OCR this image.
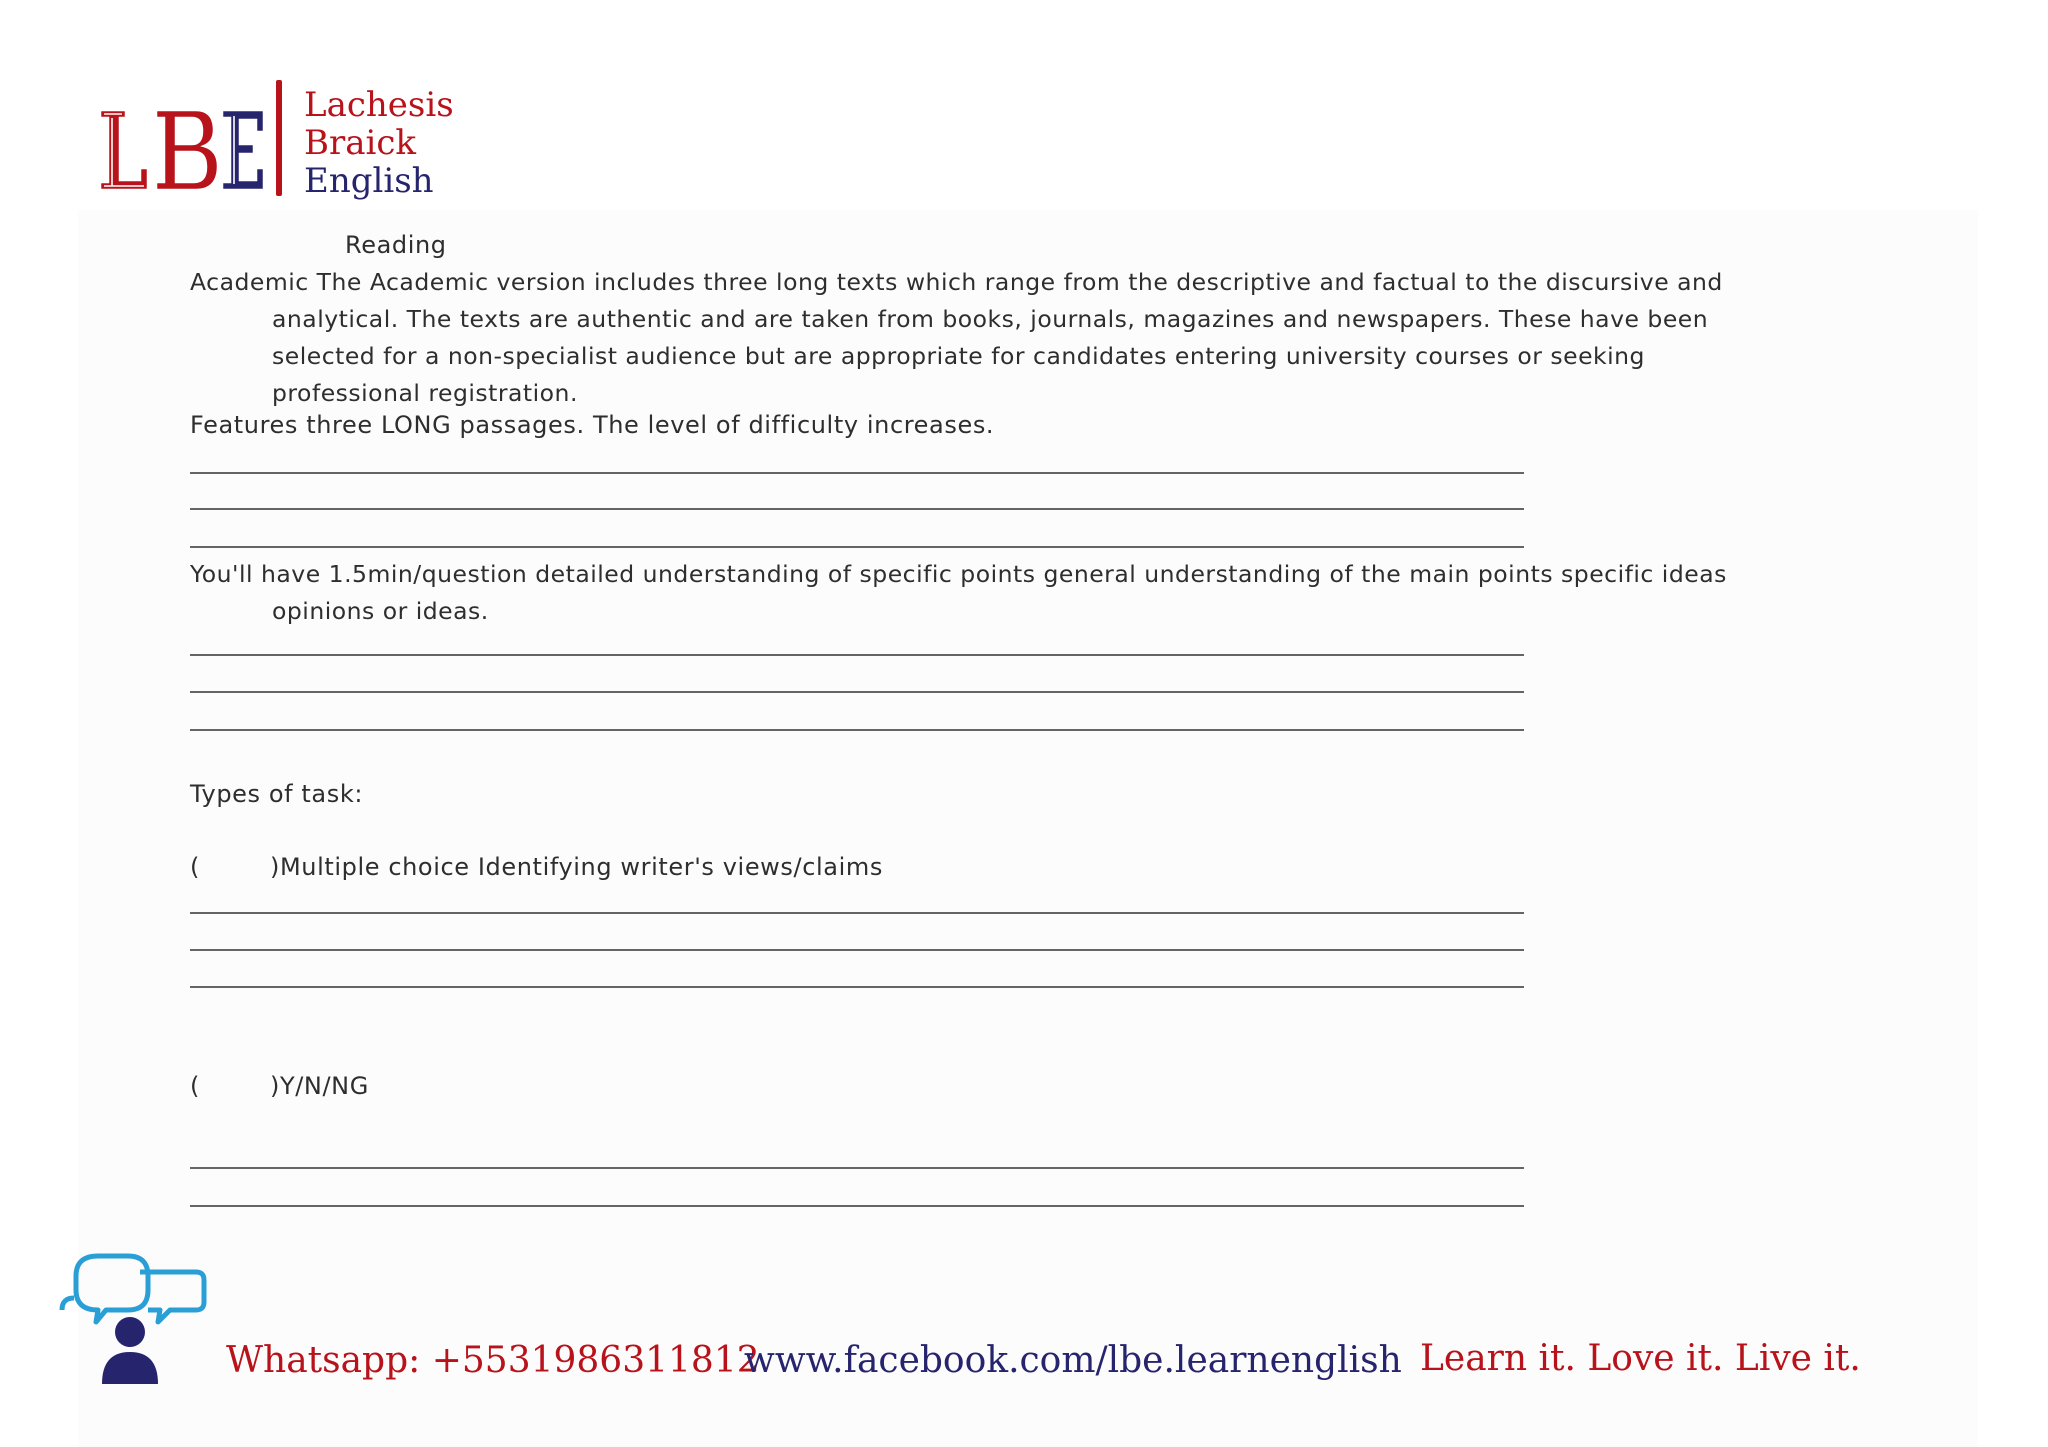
Lachesis
Braick
English
Reading
Academic The Academic version includes three long texts which range from the descriptive and factual to the discursive and analytical. The texts are authentic and are taken from books, journals, magazines and newspapers. These have been selected for a non-specialist audience but are appropriate for candidates entering university courses or seeking professional registration.
Features three LONG passages. The level of difficulty increases.
You'll have 1.5min/question detailed understanding of specific points general understanding of the main points specific ideas opinions or ideas.
Types of task:
(	)Multiple choice Identifying writer's views/claims
(	)Y/N/NG
Whatsapp: +5531986311812
www.facebook.com/lbe.learnenglish Learn it. Love it. Live it.
